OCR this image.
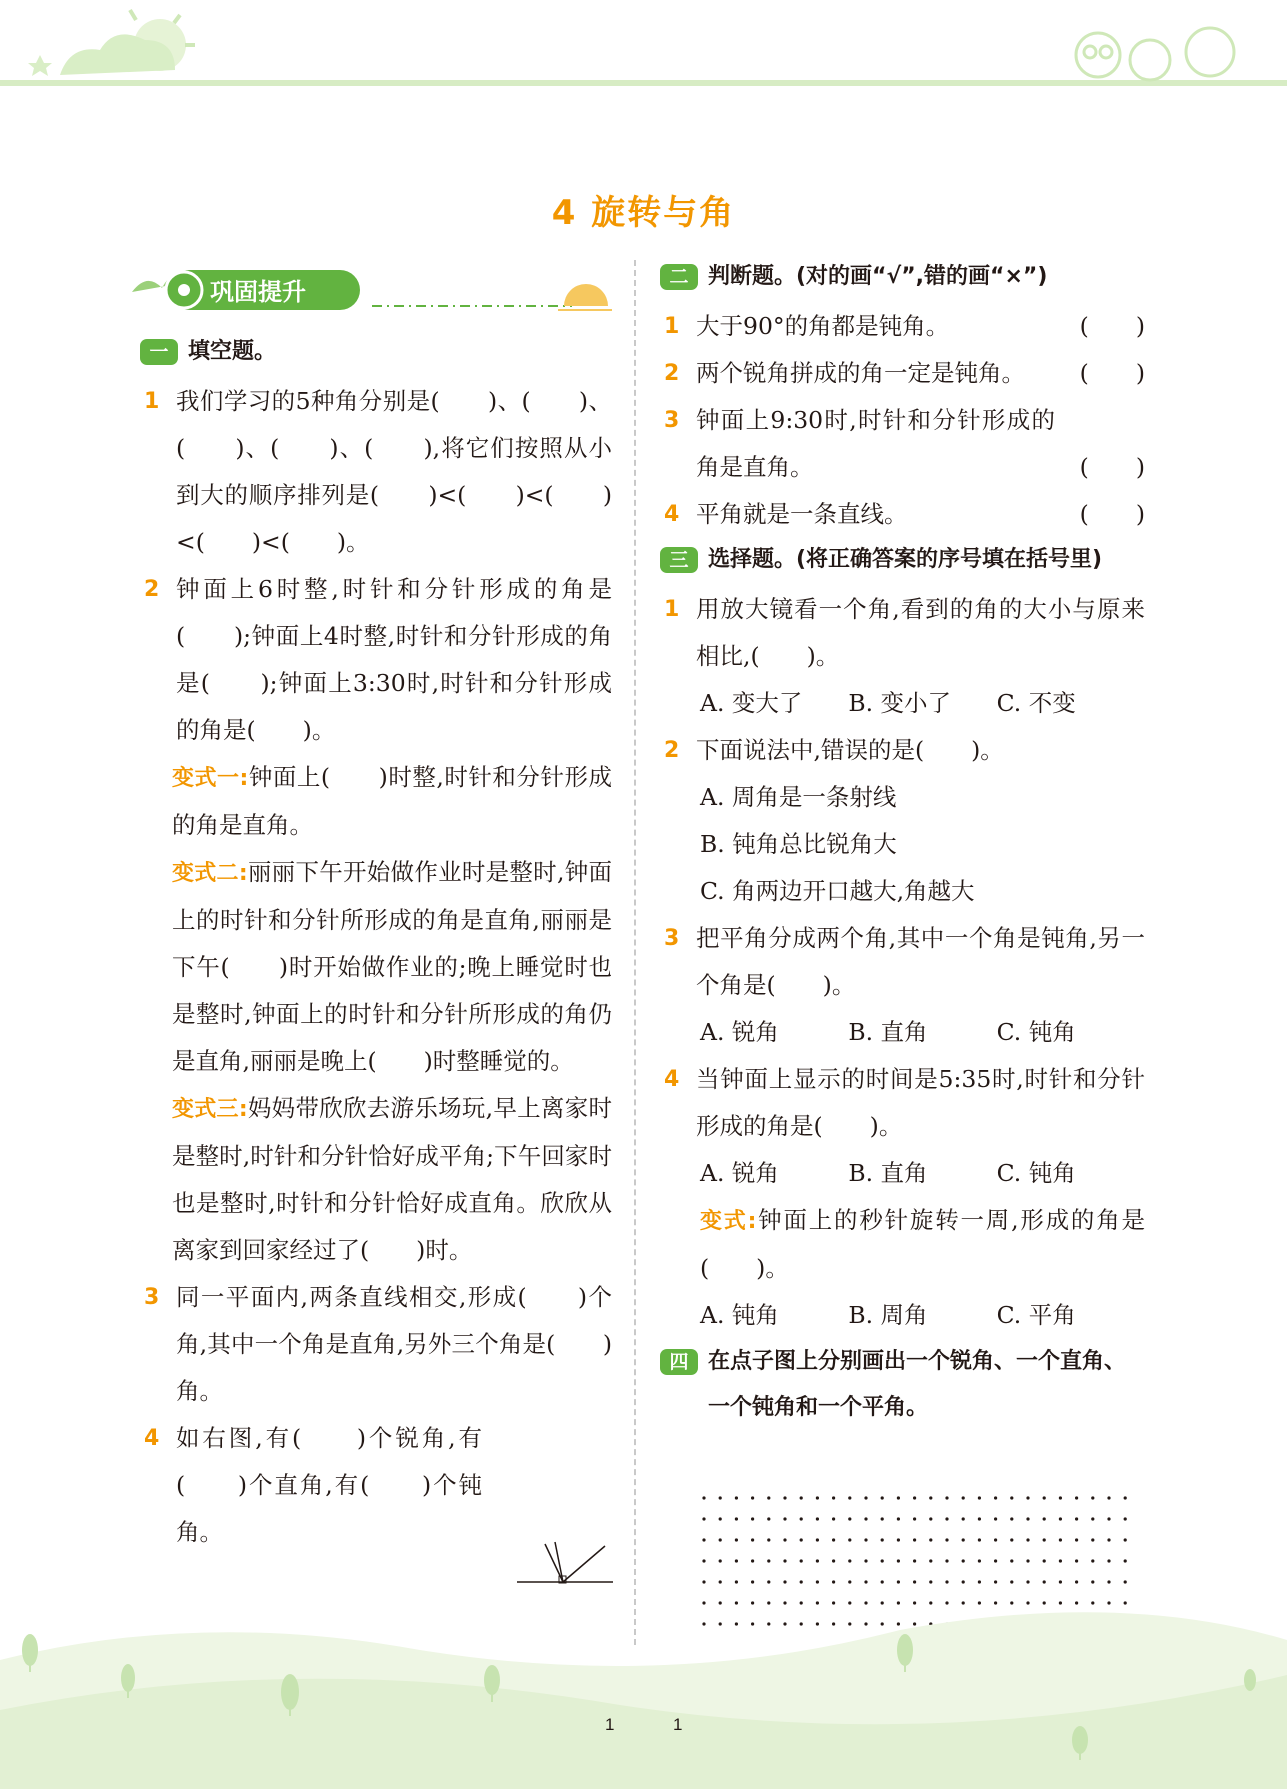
4 旋转与角
巩固提升
一 填空题。
1 我们学习的5种角分别是(　　)、(　　)、(　　)、(　　)、(　　),将它们按照从小到大的顺序排列是(　　)<(　　)<(　　)<(　　)<(　　)。
2 钟面上6时整,时针和分针形成的角是(　　);钟面上4时整,时针和分针形成的角是(　　);钟面上3:30时,时针和分针形成的角是(　　)。
变式一:钟面上(　　)时整,时针和分针形成的角是直角。
变式二:丽丽下午开始做作业时是整时,钟面上的时针和分针所形成的角是直角,丽丽是下午(　　)时开始做作业的;晚上睡觉时也是整时,钟面上的时针和分针所形成的角仍是直角,丽丽是晚上(　　)时整睡觉的。
变式三:妈妈带欣欣去游乐场玩,早上离家时是整时,时针和分针恰好成平角;下午回家时也是整时,时针和分针恰好成直角。欣欣从离家到回家经过了(　　)时。
3 同一平面内,两条直线相交,形成(　　)个角,其中一个角是直角,另外三个角是(　　)角。
4 如右图,有(　　)个锐角,有(　　)个直角,有(　　)个钝角。
二 判断题。(对的画“√”,错的画“×”)
1 大于90°的角都是钝角。	(　　)
2 两个锐角拼成的角一定是钝角。 (　　)
3 钟面上9:30时,时针和分针形成的角是直角。	(　　)
4 平角就是一条直线。	(　　)
三 选择题。(将正确答案的序号填在括号里)
1 用放大镜看一个角,看到的角的大小与原来相比,(　　)。
A. 变大了	B. 变小了	C. 不变
2 下面说法中,错误的是(　　)。
A. 周角是一条射线
B. 钝角总比锐角大
C. 角两边开口越大,角越大
3 把平角分成两个角,其中一个角是钝角,另一个角是(　　)。
A. 锐角	B. 直角	C. 钝角
4 当钟面上显示的时间是5:35时,时针和分针形成的角是(　　)。
A. 锐角	B. 直角	C. 钝角
变式:钟面上的秒针旋转一周,形成的角是(　　)。
A. 钝角	B. 周角	C. 平角
四 在点子图上分别画出一个锐角、一个直角、一个钝角和一个平角。
1	1
